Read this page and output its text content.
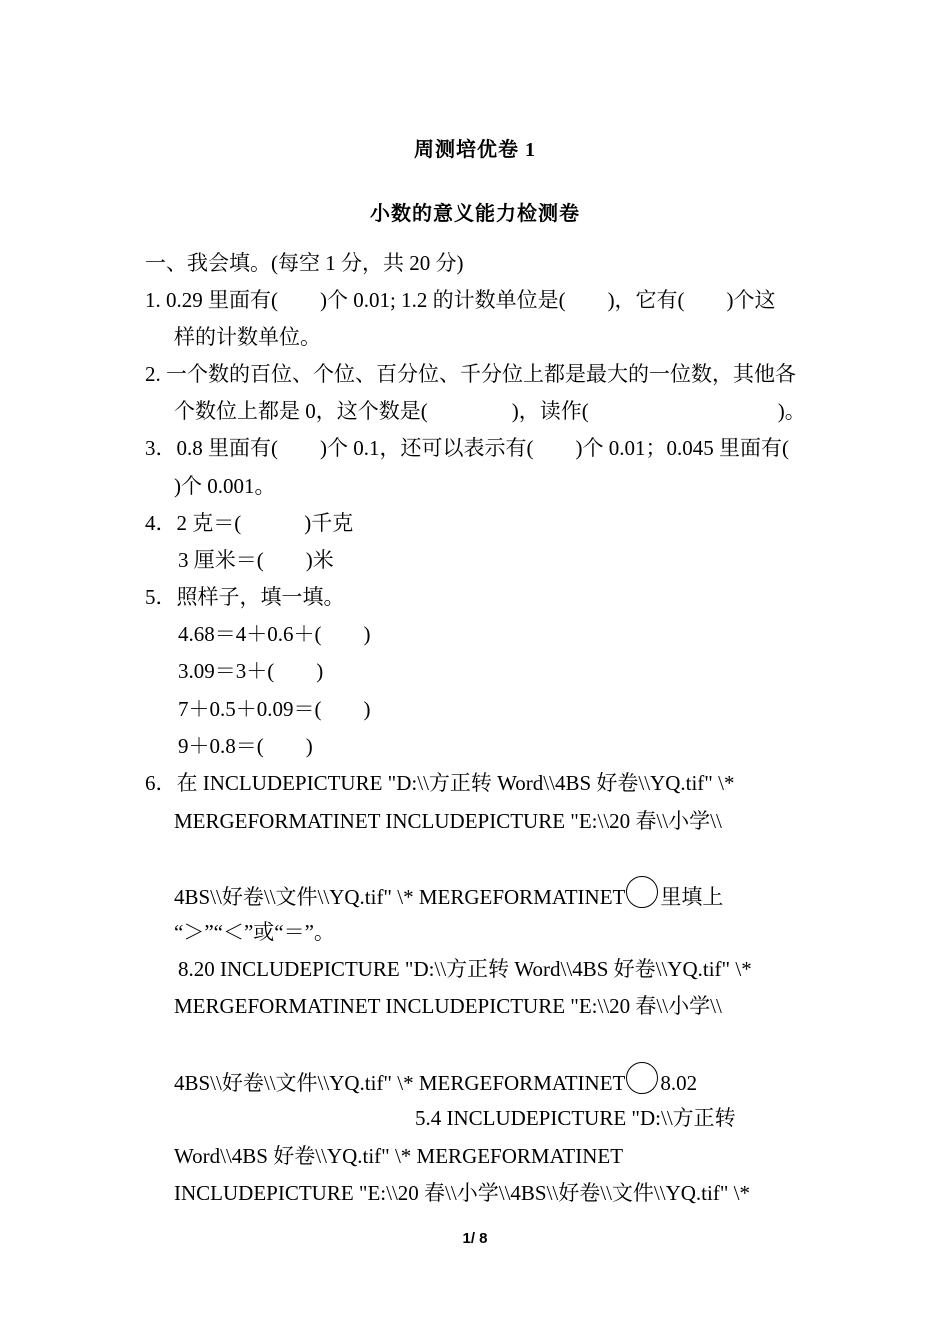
周测培优卷 1
小数的意义能力检测卷
一、我会填。(每空 1 分，共 20 分)
1. 0.29 里面有(  )个 0.01; 1.2 的计数单位是(  )，它有(  )个这
样的计数单位。
2. 一个数的百位、个位、百分位、千分位上都是最大的一位数，其他各
个数位上都是 0，这个数是(    )，读作(         )。
3．0.8 里面有(  )个 0.1，还可以表示有(  )个 0.01；0.045 里面有(
)个 0.001。
4．2 克＝(   )千克
3 厘米＝(  )米
5．照样子，填一填。
4.68＝4＋0.6＋(  )
3.09＝3＋(  )
7＋0.5＋0.09＝(  )
9＋0.8＝(  )
6．在 INCLUDEPICTURE "D:\\方正转 Word\\4BS 好卷\\YQ.tif" \*
MERGEFORMATINET INCLUDEPICTURE "E:\\20 春\\小学\\
4BS\\好卷\\文件\\YQ.tif" \* MERGEFORMATINET 里填上
“＞”“＜”或“＝”。
8.20 INCLUDEPICTURE "D:\\方正转 Word\\4BS 好卷\\YQ.tif" \*
MERGEFORMATINET INCLUDEPICTURE "E:\\20 春\\小学\\
4BS\\好卷\\文件\\YQ.tif" \* MERGEFORMATINET 8.02
5.4 INCLUDEPICTURE "D:\\方正转
Word\\4BS 好卷\\YQ.tif" \* MERGEFORMATINET
INCLUDEPICTURE "E:\\20 春\\小学\\4BS\\好卷\\文件\\YQ.tif" \*
1/ 8
